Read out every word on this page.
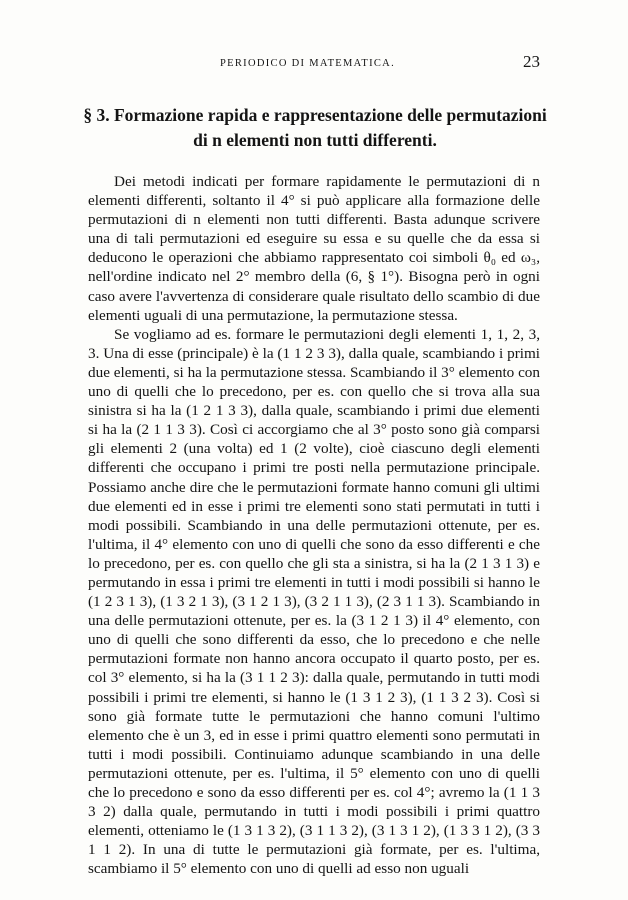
PERIODICO DI MATEMATICA.	23
§ 3. Formazione rapida e rappresentazione delle permutazioni
di n elementi non tutti differenti.

Dei metodi indicati per formare rapidamente le permutazioni di n elementi differenti, soltanto il 4° si può applicare alla formazione delle permutazioni di n elementi non tutti differenti. Basta adunque scrivere una di tali permutazioni ed eseguire su essa e su quelle che da essa si deducono le operazioni che abbiamo rappresentato coi simboli θ₀ ed ω₃, nell'ordine indicato nel 2° membro della (6, § 1°). Bisogna però in ogni caso avere l'avvertenza di considerare quale risultato dello scambio di due elementi uguali di una permutazione, la permutazione stessa.

Se vogliamo ad es. formare le permutazioni degli elementi 1, 1, 2, 3, 3. Una di esse (principale) è la (1 1 2 3 3), dalla quale, scambiando i primi due elementi, si ha la permutazione stessa. Scambiando il 3° elemento con uno di quelli che lo precedono, per es. con quello che si trova alla sua sinistra si ha la (1 2 1 3 3), dalla quale, scambiando i primi due elementi si ha la (2 1 1 3 3). Così ci accorgiamo che al 3° posto sono già comparsi gli elementi 2 (una volta) ed 1 (2 volte), cioè ciascuno degli elementi differenti che occupano i primi tre posti nella permutazione principale. Possiamo anche dire che le permutazioni formate hanno comuni gli ultimi due elementi ed in esse i primi tre elementi sono stati permutati in tutti i modi possibili. Scambiando in una delle permutazioni ottenute, per es. l'ultima, il 4° elemento con uno di quelli che sono da esso differenti e che lo precedono, per es. con quello che gli sta a sinistra, si ha la (2 1 3 1 3) e permutando in essa i primi tre elementi in tutti i modi possibili si hanno le (1 2 3 1 3), (1 3 2 1 3), (3 1 2 1 3), (3 2 1 1 3), (2 3 1 1 3). Scambiando in una delle permutazioni ottenute, per es. la (3 1 2 1 3) il 4° elemento, con uno di quelli che sono differenti da esso, che lo precedono e che nelle permutazioni formate non hanno ancora occupato il quarto posto, per es. col 3° elemento, si ha la (3 1 1 2 3): dalla quale, permutando in tutti modi possibili i primi tre elementi, si hanno le (1 3 1 2 3), (1 1 3 2 3). Così si sono già formate tutte le permutazioni che hanno comuni l'ultimo elemento che è un 3, ed in esse i primi quattro elementi sono permutati in tutti i modi possibili. Continuiamo adunque scambiando in una delle permutazioni ottenute, per es. l'ultima, il 5° elemento con uno di quelli che lo precedono e sono da esso differenti per es. col 4°; avremo la (1 1 3 3 2) dalla quale, permutando in tutti i modi possibili i primi quattro elementi, otteniamo le (1 3 1 3 2), (3 1 1 3 2), (3 1 3 1 2), (1 3 3 1 2), (3 3 1 1 2). In una di tutte le permutazioni già formate, per es. l'ultima, scambiamo il 5° elemento con uno di quelli ad esso non uguali
